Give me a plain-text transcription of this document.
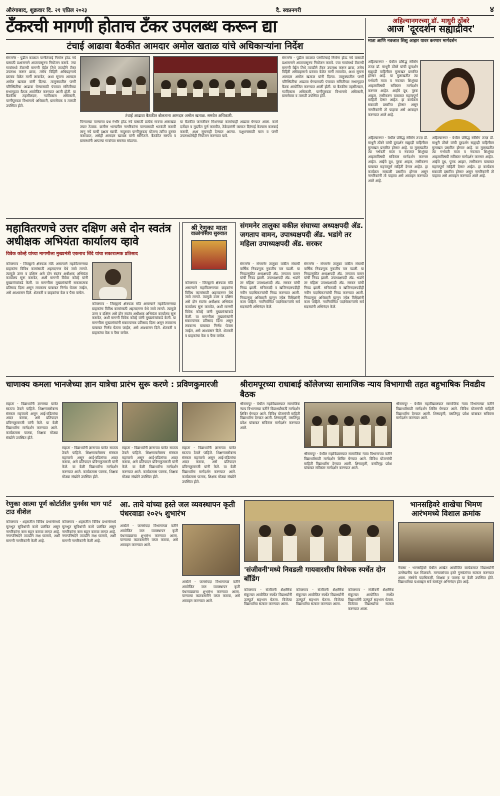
औरंगाबाद, शुक्रवार दि. २१ एप्रिल २०२३	दै. स्वप्ननगरी	४
टँकरची मागणी होताच टँकर उपलब्ध करून द्या
टंचाई आढावा बैठकीत आमदार अमोल खताळ यांचे अधिकाऱ्यांना निर्देश
संगमनेर - पुढील काळात पाणीटंचाई निर्माण होऊ नये यासाठी प्रशासनाने आतापासूनच नियोजन करावे. ज्या गावांमध्ये टँकरची मागणी येईल तिथे तातडीने टँकर उपलब्ध करून द्यावा, तसेच विहिरी अधिग्रहणाचे प्रस्ताव वेळेत मार्गी लावावेत, अशा सूचना आमदार अमोल खताळ यांनी दिल्या. तालुक्यातील पाणी परिस्थितीचा आढावा घेण्यासाठी पंचायत समितीच्या सभागृहात बैठक आयोजित करण्यात आली होती. या बैठकीस तहसीलदार, गटविकास अधिकारी, पाणीपुरवठा विभागाचे अधिकारी, ग्रामसेवक व तलाठी उपस्थित होते.
टंचाई आढावा बैठकीत बोलताना आमदार अमोल खताळ. समवेत अधिकारी.
पिण्याच्या पाण्याचा प्रश्न गंभीर होऊ नये यासाठी प्रत्येक गावचा आराखडा तयार ठेवावा. ग्रामीण भागातील नागरिकांना पाण्यासाठी भटकंती करावी लागू नये याची दक्षता घ्यावी. नादुरुस्त पाणीपुरवठा योजना त्वरित दुरुस्त कराव्यात, असेही आमदार खताळ यांनी सांगितले. बैठकीत सरपंच व ग्रामस्थांनी आपल्या गावांच्या समस्या मांडल्या.
या बैठकीत जलजीवन मिशनच्या कामांचाही आढावा घेण्यात आला. कामे दर्जेदार व मुदतीत पूर्ण करावीत, ठेकेदारांनी कामात दिरंगाई केल्यास कारवाई करावी, अशा सूचनाही देण्यात आल्या. पशुधनासाठी चारा व पाणी उपलब्धतेचेही नियोजन करण्यात यावे.
संगमनेर - पुढील काळात पाणीटंचाई निर्माण होऊ नये यासाठी प्रशासनाने आतापासूनच नियोजन करावे. ज्या गावांमध्ये टँकरची मागणी येईल तिथे तातडीने टँकर उपलब्ध करून द्यावा, तसेच विहिरी अधिग्रहणाचे प्रस्ताव वेळेत मार्गी लावावेत, अशा सूचना आमदार अमोल खताळ यांनी दिल्या. तालुक्यातील पाणी परिस्थितीचा आढावा घेण्यासाठी पंचायत समितीच्या सभागृहात बैठक आयोजित करण्यात आली होती. या बैठकीस तहसीलदार, गटविकास अधिकारी, पाणीपुरवठा विभागाचे अधिकारी, ग्रामसेवक व तलाठी उपस्थित होते.
महावितरणचे उत्तर दक्षिण असे दोन स्वतंत्र अधीक्षक अभियंता कार्यालय व्हावे
विवेक कोल्हे यांच्या मागणीला मुख्यमंत्री एकनाथ शिंदे यांचा सकारात्मक प्रतिसाद
कोपरगाव - जिल्ह्याचे क्षेत्रफळ मोठे असल्याने महावितरणच्या ग्राहकांना विविध कामांसाठी अहमदनगर येथे जावे लागते. त्यामुळे उत्तर व दक्षिण असे दोन स्वतंत्र अधीक्षक अभियंता कार्यालय सुरू करावेत, अशी मागणी विवेक कोल्हे यांनी मुख्यमंत्र्यांकडे केली. या मागणीला मुख्यमंत्र्यांनी सकारात्मक प्रतिसाद दिला असून लवकरच याबाबत निर्णय घेतला जाईल, असे आश्वासन दिले. शेतकरी व ग्राहकांचा वेळ व पैसा वाचेल.
कोपरगाव - जिल्ह्याचे क्षेत्रफळ मोठे असल्याने महावितरणच्या ग्राहकांना विविध कामांसाठी अहमदनगर येथे जावे लागते. त्यामुळे उत्तर व दक्षिण असे दोन स्वतंत्र अधीक्षक अभियंता कार्यालय सुरू करावेत, अशी मागणी विवेक कोल्हे यांनी मुख्यमंत्र्यांकडे केली. या मागणीला मुख्यमंत्र्यांनी सकारात्मक प्रतिसाद दिला असून लवकरच याबाबत निर्णय घेतला जाईल, असे आश्वासन दिले. शेतकरी व ग्राहकांचा वेळ व पैसा वाचेल.
श्री रेणुका माता
वाळोगोसाय सुरुवात
कोपरगाव - जिल्ह्याचे क्षेत्रफळ मोठे असल्याने महावितरणच्या ग्राहकांना विविध कामांसाठी अहमदनगर येथे जावे लागते. त्यामुळे उत्तर व दक्षिण असे दोन स्वतंत्र अधीक्षक अभियंता कार्यालय सुरू करावेत, अशी मागणी विवेक कोल्हे यांनी मुख्यमंत्र्यांकडे केली. या मागणीला मुख्यमंत्र्यांनी सकारात्मक प्रतिसाद दिला असून लवकरच याबाबत निर्णय घेतला जाईल, असे आश्वासन दिले. शेतकरी व ग्राहकांचा वेळ व पैसा वाचेल.
संगमनेर तालुका वकील संघाच्या अध्यक्षपदी ॲड. जगताप वामन, उपाध्यक्षपदी ॲड. भडांगे तर महिला उपाध्यक्षपदी ॲड. सरकर
संगमनेर - संगमनेर तालुका वकील संघाची वार्षिक निवडणूक नुकतीच पार पडली. या निवडणुकीत अध्यक्षपदी ॲड. जगताप वामन यांची निवड झाली. उपाध्यक्षपदी ॲड. भडांगे तर महिला उपाध्यक्षपदी ॲड. सरकर यांची निवड झाली. सचिवपदी व खजिनदारपदीही नवीन पदाधिकाऱ्यांची निवड करण्यात आली. निवडणूक अधिकारी म्हणून ज्येष्ठ विधिज्ञांनी काम पाहिले. नवनिर्वाचित पदाधिकाऱ्यांचे सर्व सदस्यांनी अभिनंदन केले.
संगमनेर - संगमनेर तालुका वकील संघाची वार्षिक निवडणूक नुकतीच पार पडली. या निवडणुकीत अध्यक्षपदी ॲड. जगताप वामन यांची निवड झाली. उपाध्यक्षपदी ॲड. भडांगे तर महिला उपाध्यक्षपदी ॲड. सरकर यांची निवड झाली. सचिवपदी व खजिनदारपदीही नवीन पदाधिकाऱ्यांची निवड करण्यात आली. निवडणूक अधिकारी म्हणून ज्येष्ठ विधिज्ञांनी काम पाहिले. नवनिर्वाचित पदाधिकाऱ्यांचे सर्व सदस्यांनी अभिनंदन केले.
चाणाक्य कमला भानजेच्या ज्ञान यात्रेचा प्रारंभ सुरू करणे : प्रविणकुमारजी
राहाता - विद्यार्थ्यांनी ज्ञानाच्या यात्रेत सातत्य ठेवले पाहिजे. शिक्षणाबरोबरच संस्कार महत्त्वाचे असून आई-वडिलांचा आदर करावा, असे प्रतिपादन प्रविणकुमारजी यांनी केले. या वेळी विद्यार्थ्यांना मार्गदर्शन करण्यात आले. कार्यक्रमास पालक, शिक्षक मोठ्या संख्येने उपस्थित होते.
राहाता - विद्यार्थ्यांनी ज्ञानाच्या यात्रेत सातत्य ठेवले पाहिजे. शिक्षणाबरोबरच संस्कार महत्त्वाचे असून आई-वडिलांचा आदर करावा, असे प्रतिपादन प्रविणकुमारजी यांनी केले. या वेळी विद्यार्थ्यांना मार्गदर्शन करण्यात आले. कार्यक्रमास पालक, शिक्षक मोठ्या संख्येने उपस्थित होते.
राहाता - विद्यार्थ्यांनी ज्ञानाच्या यात्रेत सातत्य ठेवले पाहिजे. शिक्षणाबरोबरच संस्कार महत्त्वाचे असून आई-वडिलांचा आदर करावा, असे प्रतिपादन प्रविणकुमारजी यांनी केले. या वेळी विद्यार्थ्यांना मार्गदर्शन करण्यात आले. कार्यक्रमास पालक, शिक्षक मोठ्या संख्येने उपस्थित होते.
राहाता - विद्यार्थ्यांनी ज्ञानाच्या यात्रेत सातत्य ठेवले पाहिजे. शिक्षणाबरोबरच संस्कार महत्त्वाचे असून आई-वडिलांचा आदर करावा, असे प्रतिपादन प्रविणकुमारजी यांनी केले. या वेळी विद्यार्थ्यांना मार्गदर्शन करण्यात आले. कार्यक्रमास पालक, शिक्षक मोठ्या संख्येने उपस्थित होते.
श्रीरामपूरच्या राधाबाई कॉलेजच्या सामाजिक न्याय विभागाची तहत बहुभाषिक निवडीय बैठक
श्रीरामपूर - येथील महाविद्यालयात सामाजिक न्याय विभागाच्या वतीने विद्यार्थ्यांसाठी मार्गदर्शन शिबिर घेण्यात आले. विविध योजनांची माहिती विद्यार्थ्यांना देण्यात आली. शिष्यवृत्ती, वसतिगृह प्रवेश यांबाबत सविस्तर मार्गदर्शन करण्यात आले.
श्रीरामपूर - येथील महाविद्यालयात सामाजिक न्याय विभागाच्या वतीने विद्यार्थ्यांसाठी मार्गदर्शन शिबिर घेण्यात आले. विविध योजनांची माहिती विद्यार्थ्यांना देण्यात आली. शिष्यवृत्ती, वसतिगृह प्रवेश यांबाबत सविस्तर मार्गदर्शन करण्यात आले.
श्रीरामपूर - येथील महाविद्यालयात सामाजिक न्याय विभागाच्या वतीने विद्यार्थ्यांसाठी मार्गदर्शन शिबिर घेण्यात आले. विविध योजनांची माहिती विद्यार्थ्यांना देण्यात आली. शिष्यवृत्ती, वसतिगृह प्रवेश यांबाबत सविस्तर मार्गदर्शन करण्यात आले.
रेणुका आत्मा पूर्ण कोर्टातील पुनर्वस भाग पार्ट टाउ वीशेल
कोपरगाव - शहरातील विविध प्रभागांमध्ये मूलभूत सुविधांची कामे प्रलंबित असून नागरिकांना त्रास सहन करावा लागत आहे. नगरपरिषदेने तातडीने लक्ष घालावे, अशी मागणी नागरिकांनी केली आहे.
कोपरगाव - शहरातील विविध प्रभागांमध्ये मूलभूत सुविधांची कामे प्रलंबित असून नागरिकांना त्रास सहन करावा लागत आहे. नगरपरिषदेने तातडीने लक्ष घालावे, अशी मागणी नागरिकांनी केली आहे.
आ. ताये यांच्या हस्ते जल व्यवस्थापन कृती पंधरवाडा २०२५ शुभारंभ
अकोले - जलसंपदा विभागाच्या वतीने आयोजित जल व्यवस्थापन कृती पंधरवाड्याचा शुभारंभ करण्यात आला. पाण्याचा काटकसरीने वापर करावा, असे आवाहन करण्यात आले.
अकोले - जलसंपदा विभागाच्या वतीने आयोजित जल व्यवस्थापन कृती पंधरवाड्याचा शुभारंभ करण्यात आला. पाण्याचा काटकसरीने वापर करावा, असे आवाहन करण्यात आले.
'संजीवनी'मध्ये निवडली गायवारशीय विधेयक स्पर्धेत दोन बाँडिंग
कोपरगाव - संजीवनी शैक्षणिक संकुलात आयोजित स्पर्धेत विद्यार्थ्यांनी उत्स्फूर्त सहभाग घेतला. विजेत्या विद्यार्थ्यांचा सत्कार करण्यात आला.
कोपरगाव - संजीवनी शैक्षणिक संकुलात आयोजित स्पर्धेत विद्यार्थ्यांनी उत्स्फूर्त सहभाग घेतला. विजेत्या विद्यार्थ्यांचा सत्कार करण्यात आला.
कोपरगाव - संजीवनी शैक्षणिक संकुलात आयोजित स्पर्धेत विद्यार्थ्यांनी उत्स्फूर्त सहभाग घेतला. विजेत्या विद्यार्थ्यांचा सत्कार करण्यात आला.
अहिल्यानगरच्या डॉ. माधुरी ठोंबरे
आज 'दूरदर्शन सह्याद्रीवर'
माता आणि नवजात शिशु आहार यावर करणार मार्गदर्शन
अहिल्यानगर - येथील प्रसिद्ध स्त्रीरोग तज्ज्ञ डॉ. माधुरी ठोंबरे यांची दूरदर्शन सह्याद्री वाहिनीवर मुलाखत प्रसारित होणार आहे. या मुलाखतीत त्या गर्भवती माता व नवजात शिशूंच्या आहाराविषयी सविस्तर मार्गदर्शन करणार आहेत. आईचे दूध, पूरक आहार, लसीकरण याबाबत महत्त्वपूर्ण माहिती देणार आहेत. हा कार्यक्रम सकाळी प्रसारित होणार असून नागरिकांनी तो पाहावा असे आवाहन करण्यात आले आहे.
अहिल्यानगर - येथील प्रसिद्ध स्त्रीरोग तज्ज्ञ डॉ. माधुरी ठोंबरे यांची दूरदर्शन सह्याद्री वाहिनीवर मुलाखत प्रसारित होणार आहे. या मुलाखतीत त्या गर्भवती माता व नवजात शिशूंच्या आहाराविषयी सविस्तर मार्गदर्शन करणार आहेत. आईचे दूध, पूरक आहार, लसीकरण याबाबत महत्त्वपूर्ण माहिती देणार आहेत. हा कार्यक्रम सकाळी प्रसारित होणार असून नागरिकांनी तो पाहावा असे आवाहन करण्यात आले आहे.
अहिल्यानगर - येथील प्रसिद्ध स्त्रीरोग तज्ज्ञ डॉ. माधुरी ठोंबरे यांची दूरदर्शन सह्याद्री वाहिनीवर मुलाखत प्रसारित होणार आहे. या मुलाखतीत त्या गर्भवती माता व नवजात शिशूंच्या आहाराविषयी सविस्तर मार्गदर्शन करणार आहेत. आईचे दूध, पूरक आहार, लसीकरण याबाबत महत्त्वपूर्ण माहिती देणार आहेत. हा कार्यक्रम सकाळी प्रसारित होणार असून नागरिकांनी तो पाहावा असे आवाहन करण्यात आले आहे.
भानसहिवरे शाखेचा भिमण आरंभमध्ये विशाल क्रमांक
नेवासा - भानसहिवरे येथील शाखेत आयोजित कार्यक्रमात विद्यार्थ्यांनी उल्लेखनीय यश मिळवले. मान्यवरांच्या हस्ते गुणवंतांचा सत्कार करण्यात आला. संस्थेचे पदाधिकारी, शिक्षक व पालक या वेळी उपस्थित होते. विद्यार्थ्यांच्या यशाबद्दल सर्व स्तरांतून अभिनंदन होत आहे.
